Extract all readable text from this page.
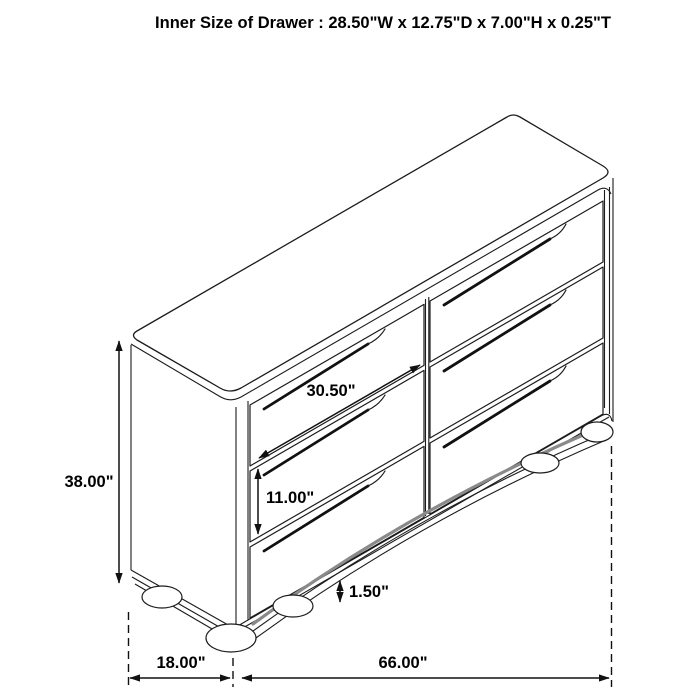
Inner Size of Drawer : 28.50"W x 12.75"D x 7.00"H x 0.25"T
38.00"
30.50"
11.00"
1.50"
18.00"	66.00"
